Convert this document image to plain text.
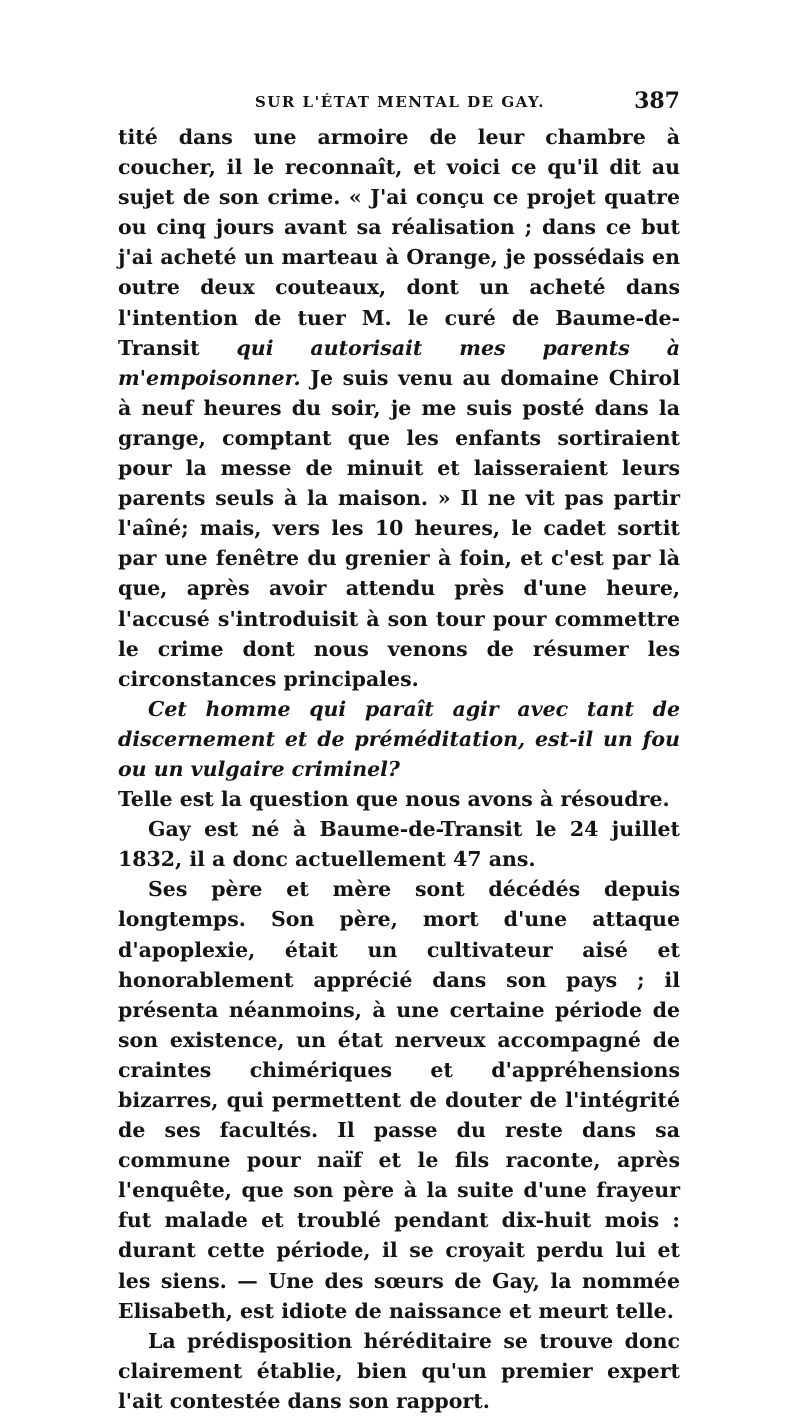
SUR L'ÉTAT MENTAL DE GAY.	387

tité dans une armoire de leur chambre à coucher, il le reconnaît, et voici ce qu'il dit au sujet de son crime. « J'ai conçu ce projet quatre ou cinq jours avant sa réalisation ; dans ce but j'ai acheté un marteau à Orange, je possédais en outre deux couteaux, dont un acheté dans l'intention de tuer M. le curé de Baume-de-Transit qui autorisait mes parents à m'empoisonner. Je suis venu au domaine Chirol à neuf heures du soir, je me suis posté dans la grange, comptant que les enfants sortiraient pour la messe de minuit et laisseraient leurs parents seuls à la maison. » Il ne vit pas partir l'aîné; mais, vers les 10 heures, le cadet sortit par une fenêtre du grenier à foin, et c'est par là que, après avoir attendu près d'une heure, l'accusé s'introduisit à son tour pour commettre le crime dont nous venons de résumer les circonstances principales.

Cet homme qui paraît agir avec tant de discernement et de préméditation, est-il un fou ou un vulgaire criminel?

Telle est la question que nous avons à résoudre.

Gay est né à Baume-de-Transit le 24 juillet 1832, il a donc actuellement 47 ans.

Ses père et mère sont décédés depuis longtemps. Son père, mort d'une attaque d'apoplexie, était un cultivateur aisé et honorablement apprécié dans son pays ; il présenta néanmoins, à une certaine période de son existence, un état nerveux accompagné de craintes chimériques et d'appréhensions bizarres, qui permettent de douter de l'intégrité de ses facultés. Il passe du reste dans sa commune pour naïf et le fils raconte, après l'enquête, que son père à la suite d'une frayeur fut malade et troublé pendant dix-huit mois : durant cette période, il se croyait perdu lui et les siens. — Une des sœurs de Gay, la nommée Elisabeth, est idiote de naissance et meurt telle.

La prédisposition héréditaire se trouve donc clairement établie, bien qu'un premier expert l'ait contestée dans son rapport.
